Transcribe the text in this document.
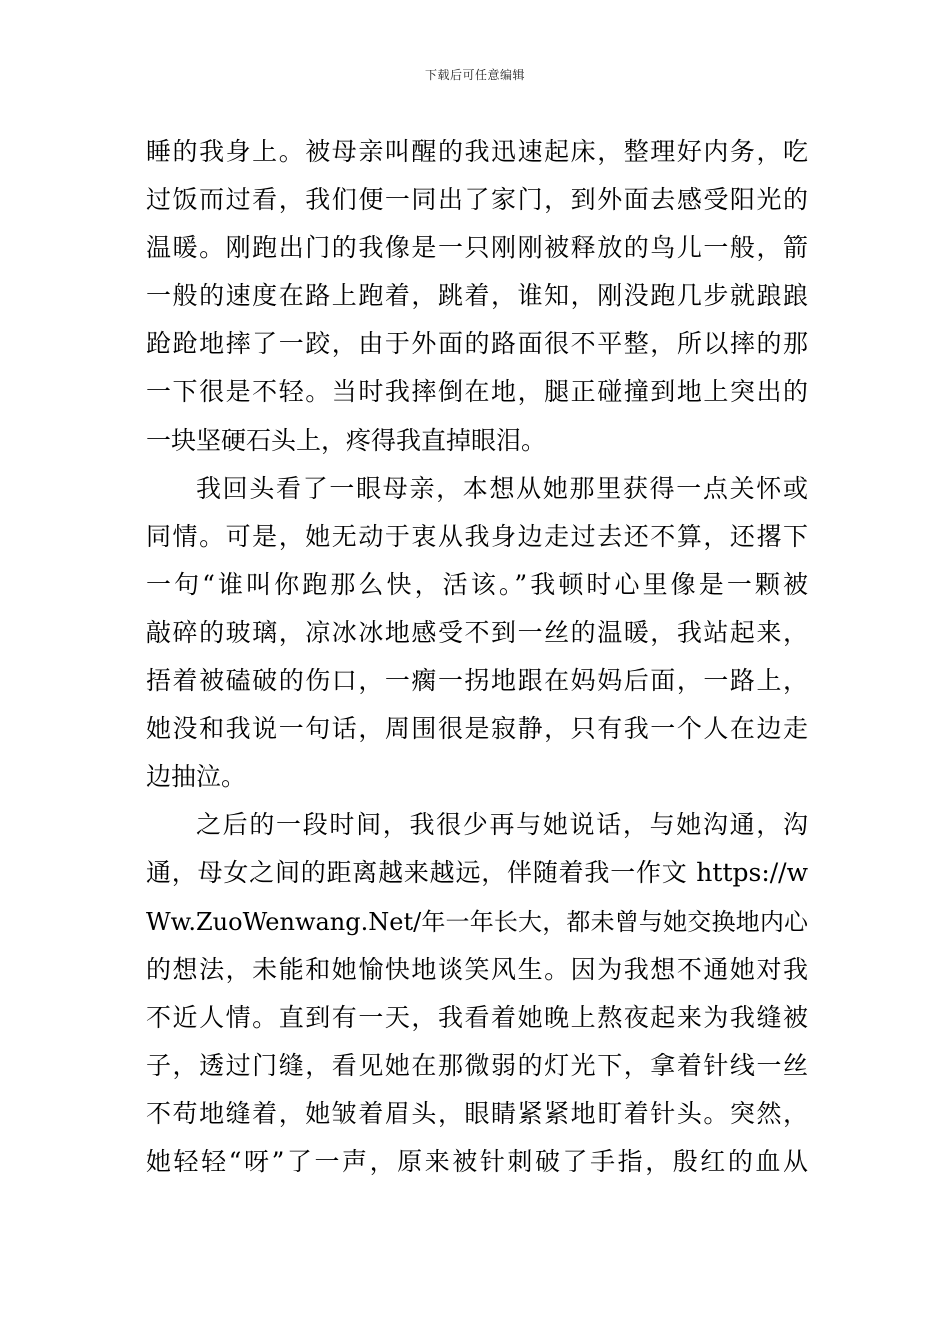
下载后可任意编辑
睡的我身上。被母亲叫醒的我迅速起床，整理好内务，吃
过饭而过看，我们便一同出了家门，到外面去感受阳光的
温暖。刚跑出门的我像是一只刚刚被释放的鸟儿一般，箭
一般的速度在路上跑着，跳着，谁知，刚没跑几步就踉踉
跄跄地摔了一跤，由于外面的路面很不平整，所以摔的那
一下很是不轻。当时我摔倒在地，腿正碰撞到地上突出的
一块坚硬石头上，疼得我直掉眼泪。
我回头看了一眼母亲，本想从她那里获得一点关怀或
同情。可是，她无动于衷从我身边走过去还不算，还撂下
一句“谁叫你跑那么快，活该。”我顿时心里像是一颗被
敲碎的玻璃，凉冰冰地感受不到一丝的温暖，我站起来，
捂着被磕破的伤口，一瘸一拐地跟在妈妈后面，一路上，
她没和我说一句话，周围很是寂静，只有我一个人在边走
边抽泣。
之后的一段时间，我很少再与她说话，与她沟通，沟
通，母女之间的距离越来越远，伴随着我一作文 https://w
Ww.ZuoWenwang.Net/年一年长大，都未曾与她交换地内心
的想法，未能和她愉快地谈笑风生。因为我想不通她对我
不近人情。直到有一天，我看着她晚上熬夜起来为我缝被
子，透过门缝，看见她在那微弱的灯光下，拿着针线一丝
不苟地缝着，她皱着眉头，眼睛紧紧地盯着针头。突然，
她轻轻“呀”了一声，原来被针刺破了手指，殷红的血从
